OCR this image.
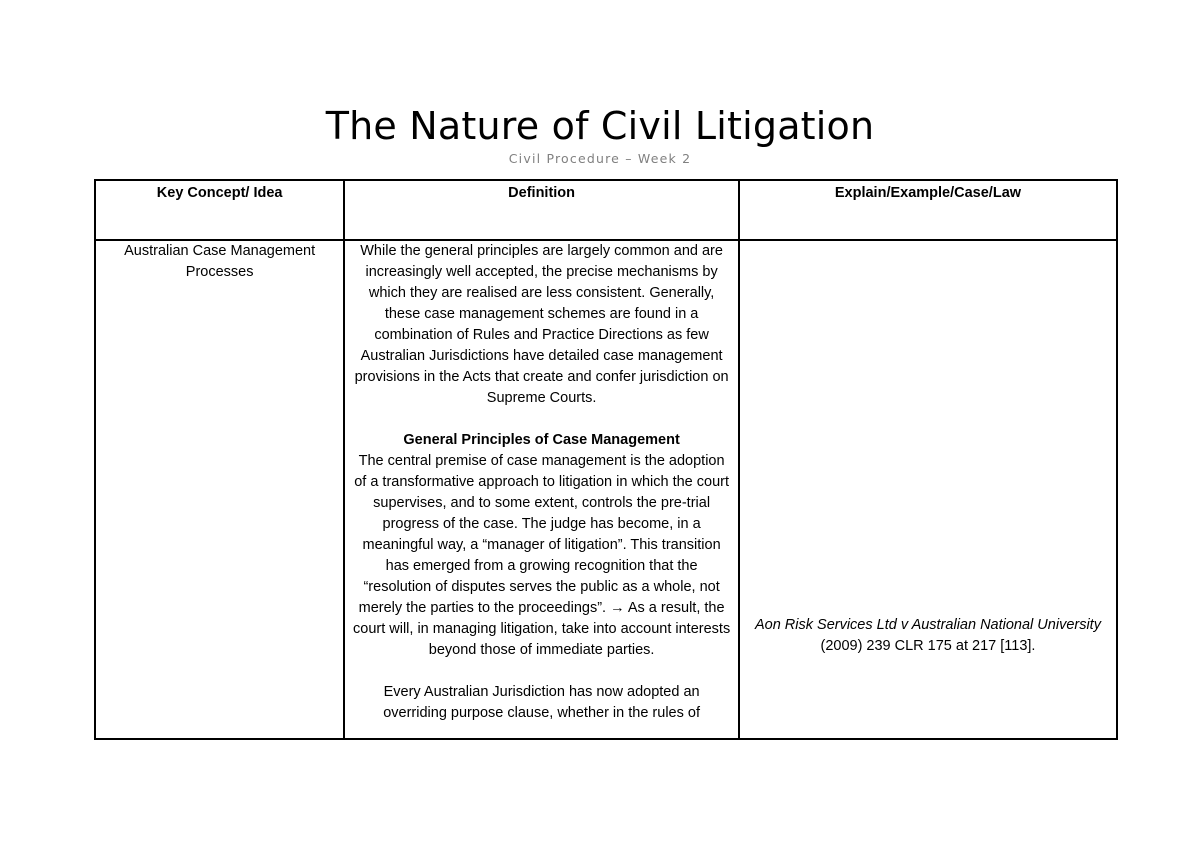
The Nature of Civil Litigation
Civil Procedure – Week 2
Key Concept/ Idea	Definition	Explain/Example/Case/Law

Australian Case Management Processes	While the general principles are largely common and are increasingly well accepted, the precise mechanisms by which they are realised are less consistent. Generally, these case management schemes are found in a combination of Rules and Practice Directions as few Australian Jurisdictions have detailed case management provisions in the Acts that create and confer jurisdiction on Supreme Courts.

General Principles of Case Management

The central premise of case management is the adoption of a transformative approach to litigation in which the court supervises, and to some extent, controls the pre-trial progress of the case. The judge has become, in a meaningful way, a “manager of litigation”. This transition has emerged from a growing recognition that the “resolution of disputes serves the public as a whole, not merely the parties to the proceedings”. → As a result, the court will, in managing litigation, take into account interests beyond those of immediate parties.

Every Australian Jurisdiction has now adopted an overriding purpose clause, whether in the rules of	Aon Risk Services Ltd v Australian National University (2009) 239 CLR 175 at 217 [113].
